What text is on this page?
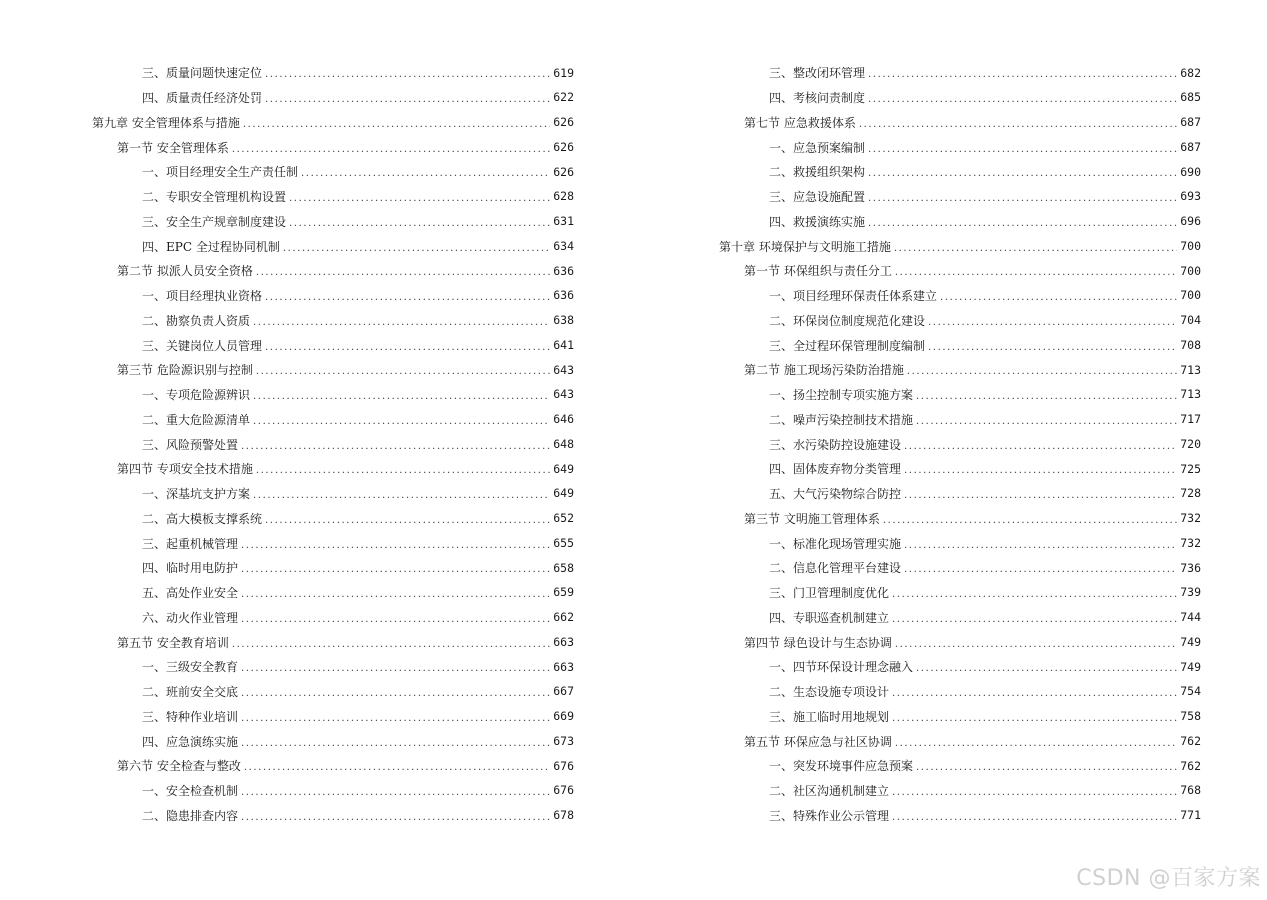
三、质量问题快速定位 .....	619
四、质量责任经济处罚 .....	622
第九章 安全管理体系与措施 .....	626
第一节 安全管理体系 .....	626
一、项目经理安全生产责任制 .....	626
二、专职安全管理机构设置 .....	628
三、安全生产规章制度建设 .....	631
四、EPC 全过程协同机制 .....	634
第二节 拟派人员安全资格 .....	636
一、项目经理执业资格 .....	636
二、勘察负责人资质 .....	638
三、关键岗位人员管理 .....	641
第三节 危险源识别与控制 .....	643
一、专项危险源辨识 .....	643
二、重大危险源清单 .....	646
三、风险预警处置 .....	648
第四节 专项安全技术措施 .....	649
一、深基坑支护方案 .....	649
二、高大模板支撑系统 .....	652
三、起重机械管理 .....	655
四、临时用电防护 .....	658
五、高处作业安全 .....	659
六、动火作业管理 .....	662
第五节 安全教育培训 .....	663
一、三级安全教育 .....	663
二、班前安全交底 .....	667
三、特种作业培训 .....	669
四、应急演练实施 .....	673
第六节 安全检查与整改 .....	676
一、安全检查机制 .....	676
二、隐患排查内容 .....	678
三、整改闭环管理 .....	682
四、考核问责制度 .....	685
第七节 应急救援体系 .....	687
一、应急预案编制 .....	687
二、救援组织架构 .....	690
三、应急设施配置 .....	693
四、救援演练实施 .....	696
第十章 环境保护与文明施工措施 .....	700
第一节 环保组织与责任分工 .....	700
一、项目经理环保责任体系建立 .....	700
二、环保岗位制度规范化建设 .....	704
三、全过程环保管理制度编制 .....	708
第二节 施工现场污染防治措施 .....	713
一、扬尘控制专项实施方案 .....	713
二、噪声污染控制技术措施 .....	717
三、水污染防控设施建设 .....	720
四、固体废弃物分类管理 .....	725
五、大气污染物综合防控 .....	728
第三节 文明施工管理体系 .....	732
一、标准化现场管理实施 .....	732
二、信息化管理平台建设 .....	736
三、门卫管理制度优化 .....	739
四、专职巡查机制建立 .....	744
第四节 绿色设计与生态协调 .....	749
一、四节环保设计理念融入 .....	749
二、生态设施专项设计 .....	754
三、施工临时用地规划 .....	758
第五节 环保应急与社区协调 .....	762
一、突发环境事件应急预案 .....	762
二、社区沟通机制建立 .....	768
三、特殊作业公示管理 .....	771
CSDN @百家方案
